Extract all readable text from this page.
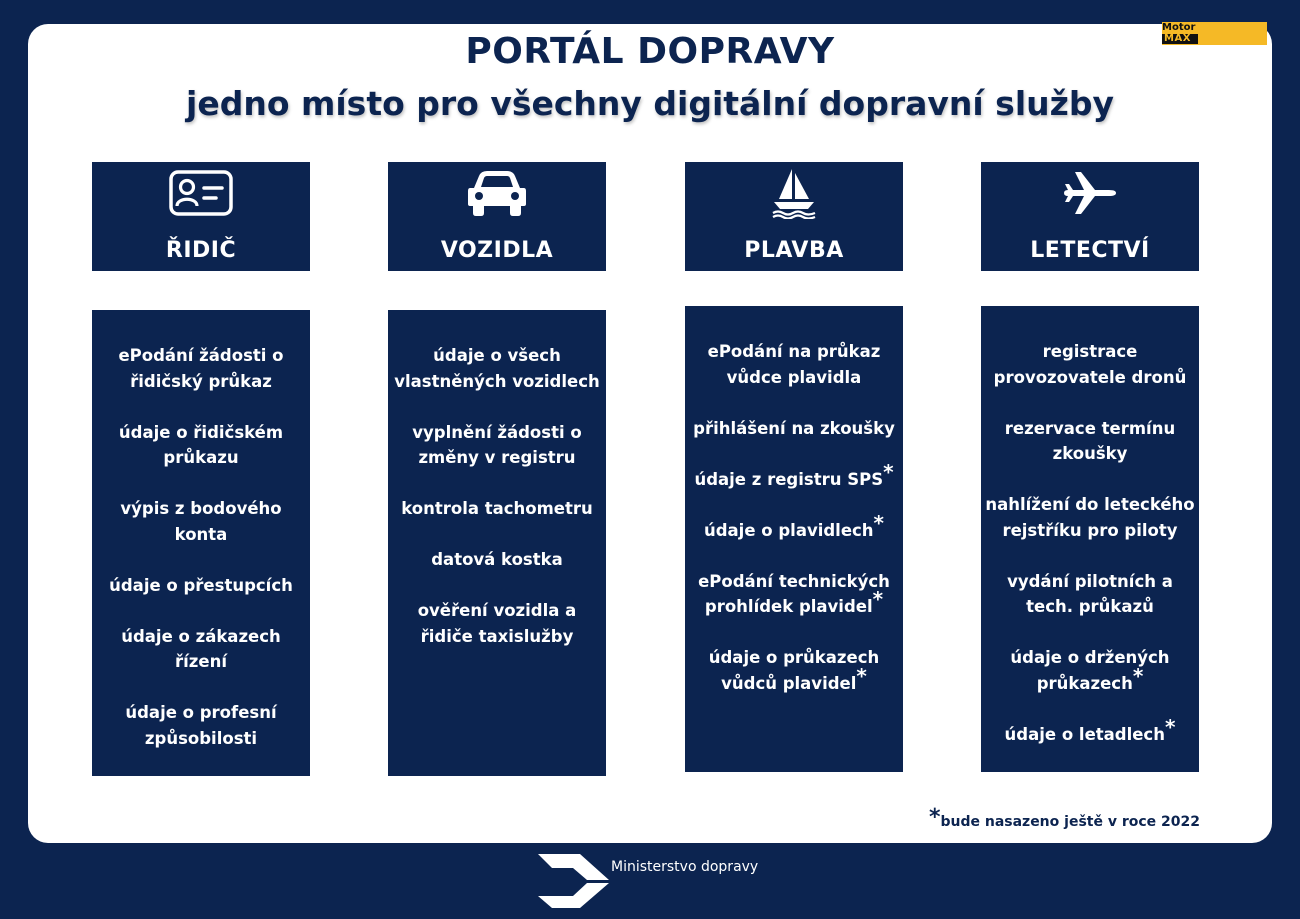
Motor
MAX
PORTÁL DOPRAVY
jedno místo pro všechny digitální dopravní služby
ŘIDIČ	VOZIDLA	PLAVBA	LETECTVÍ
ePodání žádosti o
řidičský průkaz
údaje o řidičském
průkazu
výpis z bodového
konta
údaje o přestupcích
údaje o zákazech
řízení
údaje o profesní
způsobilosti
údaje o všech
vlastněných vozidlech
vyplnění žádosti o
změny v registru
kontrola tachometru
datová kostka
ověření vozidla a
řidiče taxislužby
ePodání na průkaz
vůdce plavidla
přihlášení na zkoušky
údaje z registru SPS*
údaje o plavidlech*
ePodání technických
prohlídek plavidel*
údaje o průkazech
vůdců plavidel*
registrace
provozovatele dronů
rezervace termínu
zkoušky
nahlížení do leteckého
rejstříku pro piloty
vydání pilotních a
tech. průkazů
údaje o držených
průkazech*
údaje o letadlech*
*bude nasazeno ještě v roce 2022
Ministerstvo dopravy
